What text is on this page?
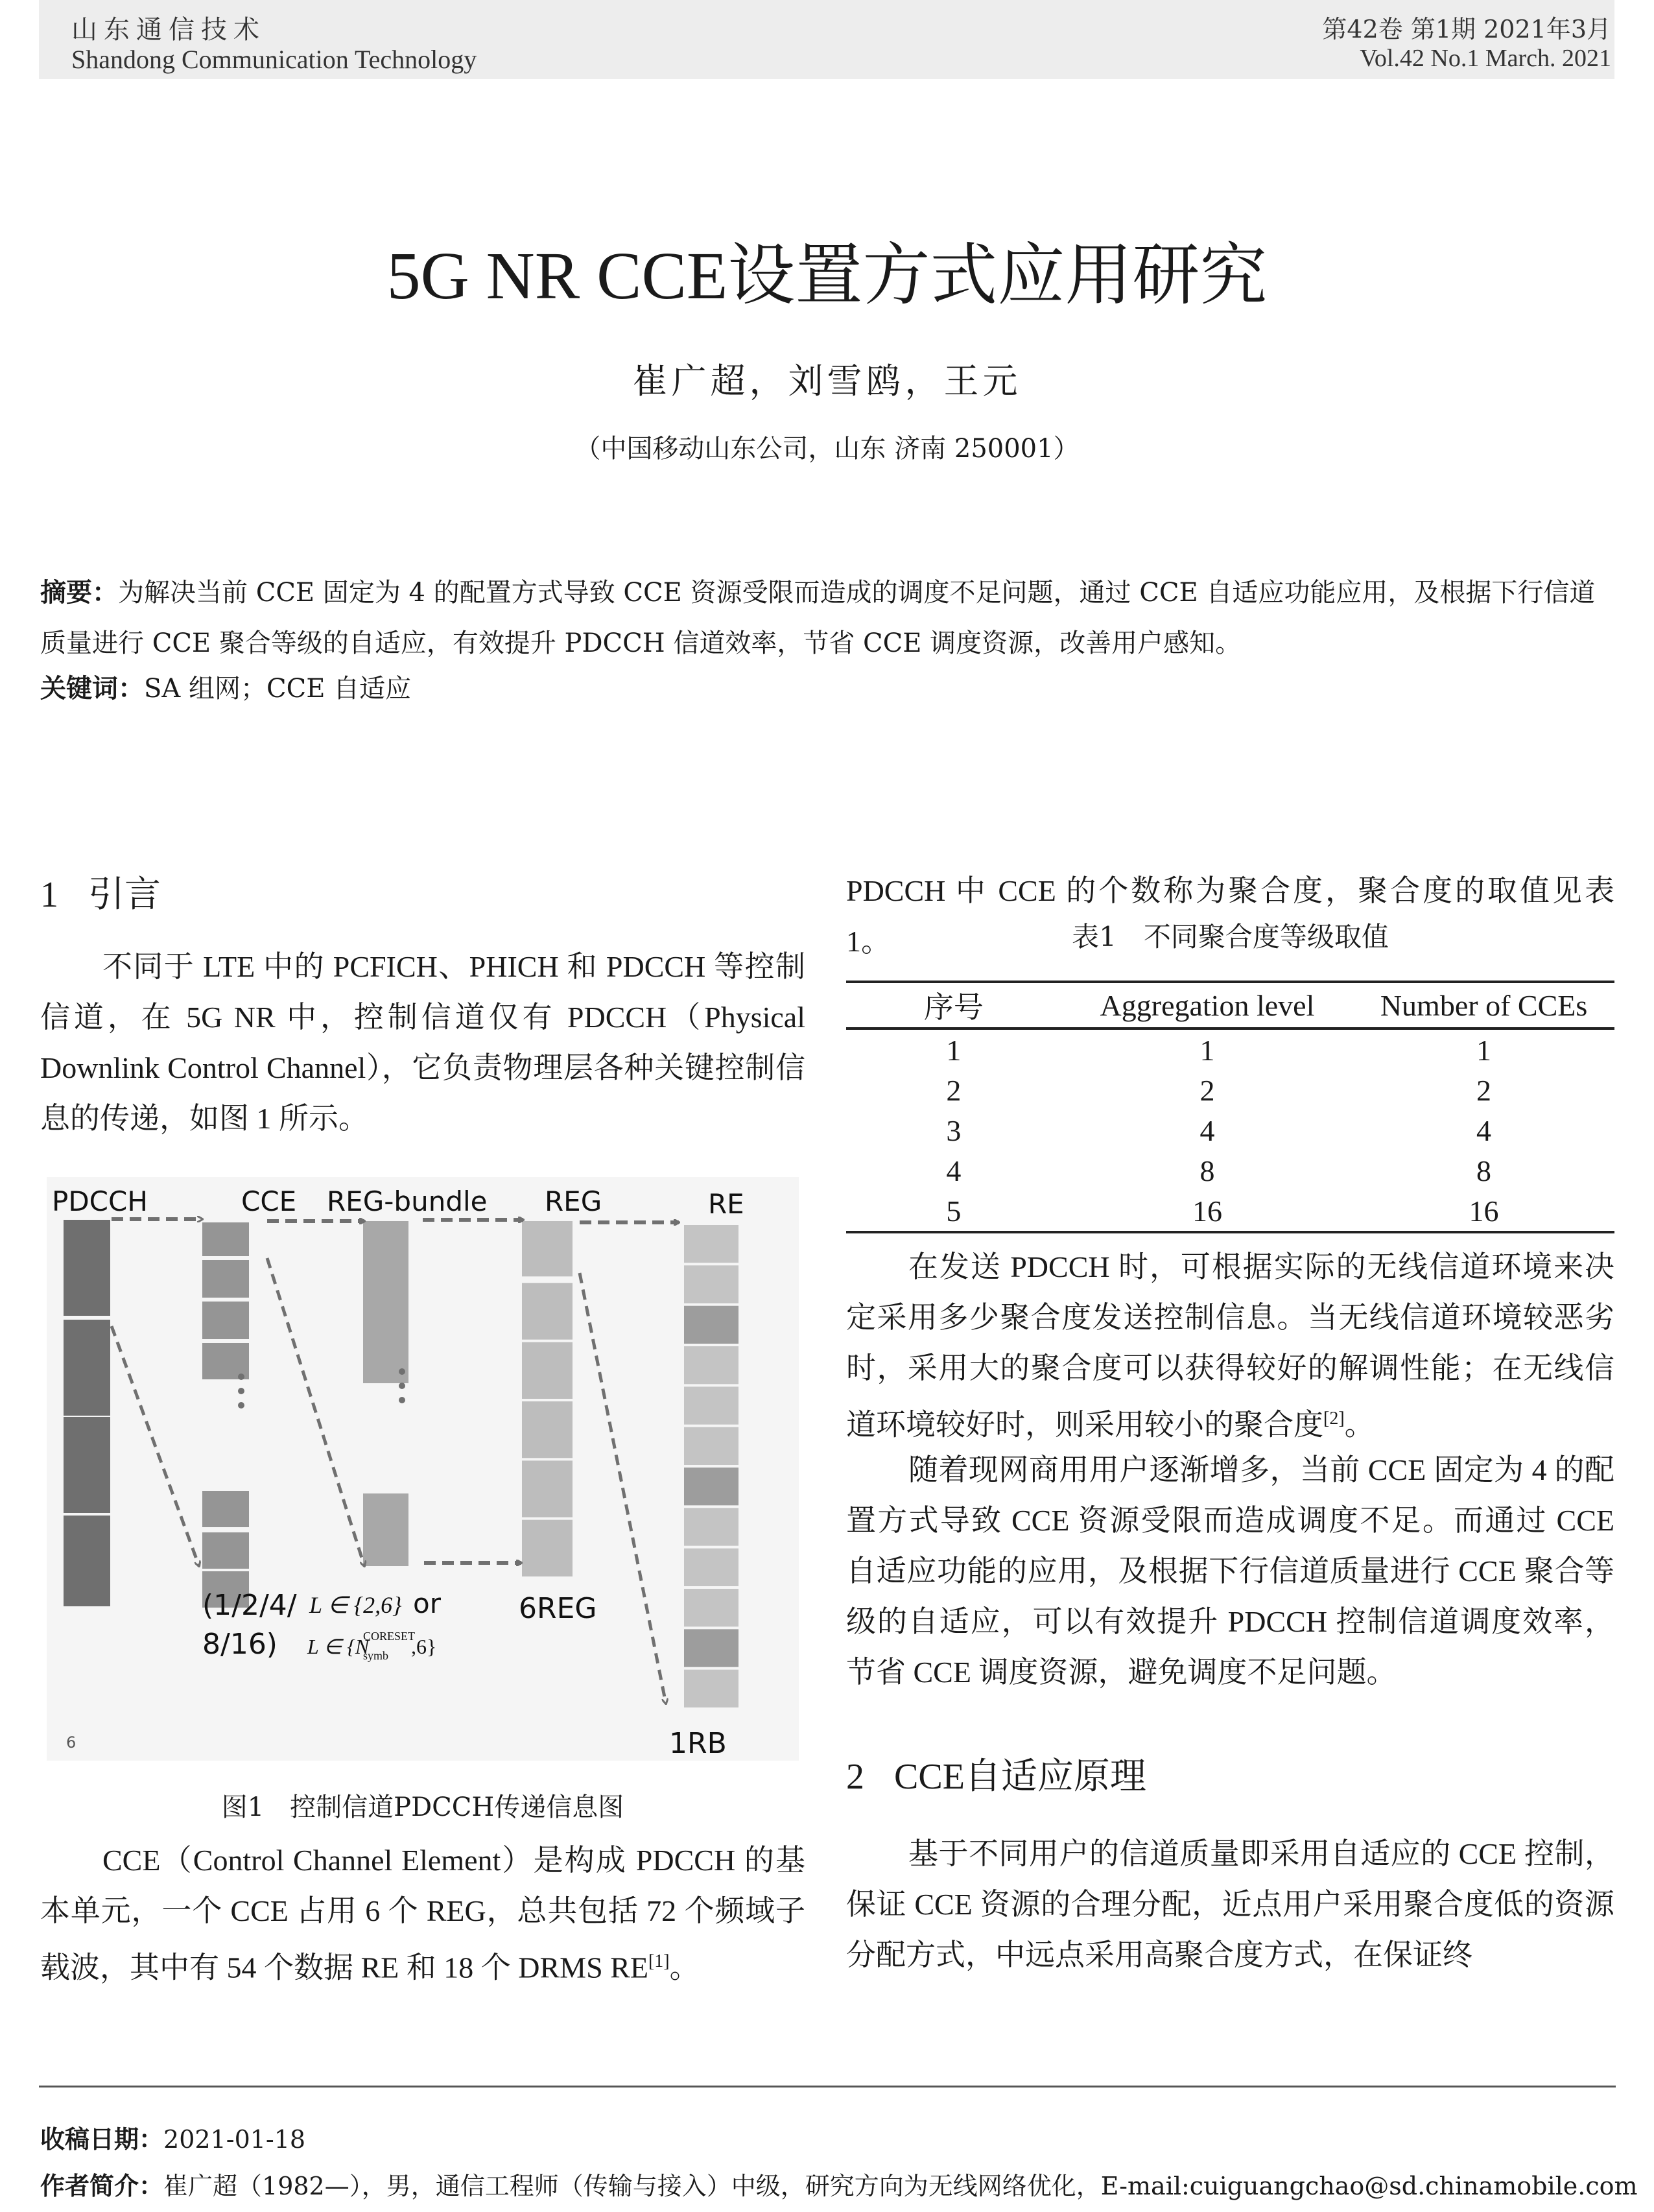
山东通信技术
Shandong Communication Technology
第42卷 第1期 2021年3月
Vol.42 No.1 March. 2021
5G NR CCE设置方式应用研究
崔广超，刘雪鸥，王元
（中国移动山东公司，山东 济南 250001）
摘要：为解决当前 CCE 固定为 4 的配置方式导致 CCE 资源受限而造成的调度不足问题，通过 CCE 自适应功能应用，及根据下行信道质量进行 CCE 聚合等级的自适应，有效提升 PDCCH 信道效率，节省 CCE 调度资源，改善用户感知。
关键词：SA 组网；CCE 自适应
1 引言
不同于 LTE 中的 PCFICH、PHICH 和 PDCCH 等控制信道，在 5G NR 中，控制信道仅有 PDCCH（Physical Downlink Control Channel），它负责物理层各种关键控制信息的传递，如图 1 所示。
PDCCH	CCE REG-bundle REG	RE
(1/2/4/
8/16)
L ∈ {2,6} or
L ∈ {N
CORESET
symb ,6}
6REG
1RB
6
图1　控制信道PDCCH传递信息图
CCE（Control Channel Element）是构成 PDCCH 的基本单元，一个 CCE 占用 6 个 REG，总共包括 72 个频域子载波，其中有 54 个数据 RE 和 18 个 DRMS RE[1]。
PDCCH 中 CCE 的个数称为聚合度，聚合度的取值见表 1。	表1　不同聚合度等级取值
序号	Aggregation level	Number of CCEs
1	1	1
2	2	2
3	4	4
4	8	8
5	16	16
在发送 PDCCH 时，可根据实际的无线信道环境来决定采用多少聚合度发送控制信息。当无线信道环境较恶劣时，采用大的聚合度可以获得较好的解调性能；在无线信道环境较好时，则采用较小的聚合度[2]。
随着现网商用用户逐渐增多，当前 CCE 固定为 4 的配置方式导致 CCE 资源受限而造成调度不足。而通过 CCE 自适应功能的应用，及根据下行信道质量进行 CCE 聚合等级的自适应，可以有效提升 PDCCH 控制信道调度效率，节省 CCE 调度资源，避免调度不足问题。
2 CCE自适应原理
基于不同用户的信道质量即采用自适应的 CCE 控制，保证 CCE 资源的合理分配，近点用户采用聚合度低的资源分配方式，中远点采用高聚合度方式，在保证终
收稿日期：2021-01-18
作者简介：崔广超（1982—），男，通信工程师（传输与接入）中级，研究方向为无线网络优化，E-mail:cuiguangchao@sd.chinamobile.com
